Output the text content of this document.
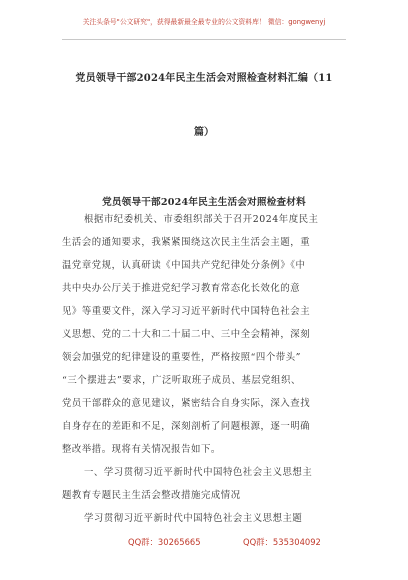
关注头条号"公文研究"，获得最新最全最专业的公文资料库！ 微信：gongwenyj
党员领导干部2024年民主生活会对照检查材料汇编（11
篇）
党员领导干部2024年民主生活会对照检查材料
根据市纪委机关、市委组织部关于召开2024年度民主
生活会的通知要求，我紧紧围绕这次民主生活会主题，重
温党章党规，认真研读《中国共产党纪律处分条例》《中
共中央办公厅关于推进党纪学习教育常态化长效化的意
见》等重要文件，深入学习习近平新时代中国特色社会主
义思想、党的二十大和二十届二中、三中全会精神，深刻
领会加强党的纪律建设的重要性，严格按照“四个带头”
“三个摆进去”要求，广泛听取班子成员、基层党组织、
党员干部群众的意见建议，紧密结合自身实际，深入查找
自身存在的差距和不足，深刻剖析了问题根源，逐一明确
整改举措。现将有关情况报告如下。
一、学习贯彻习近平新时代中国特色社会主义思想主
题教育专题民主生活会整改措施完成情况
学习贯彻习近平新时代中国特色社会主义思想主题
QQ群：30265665	QQ群：535304092
